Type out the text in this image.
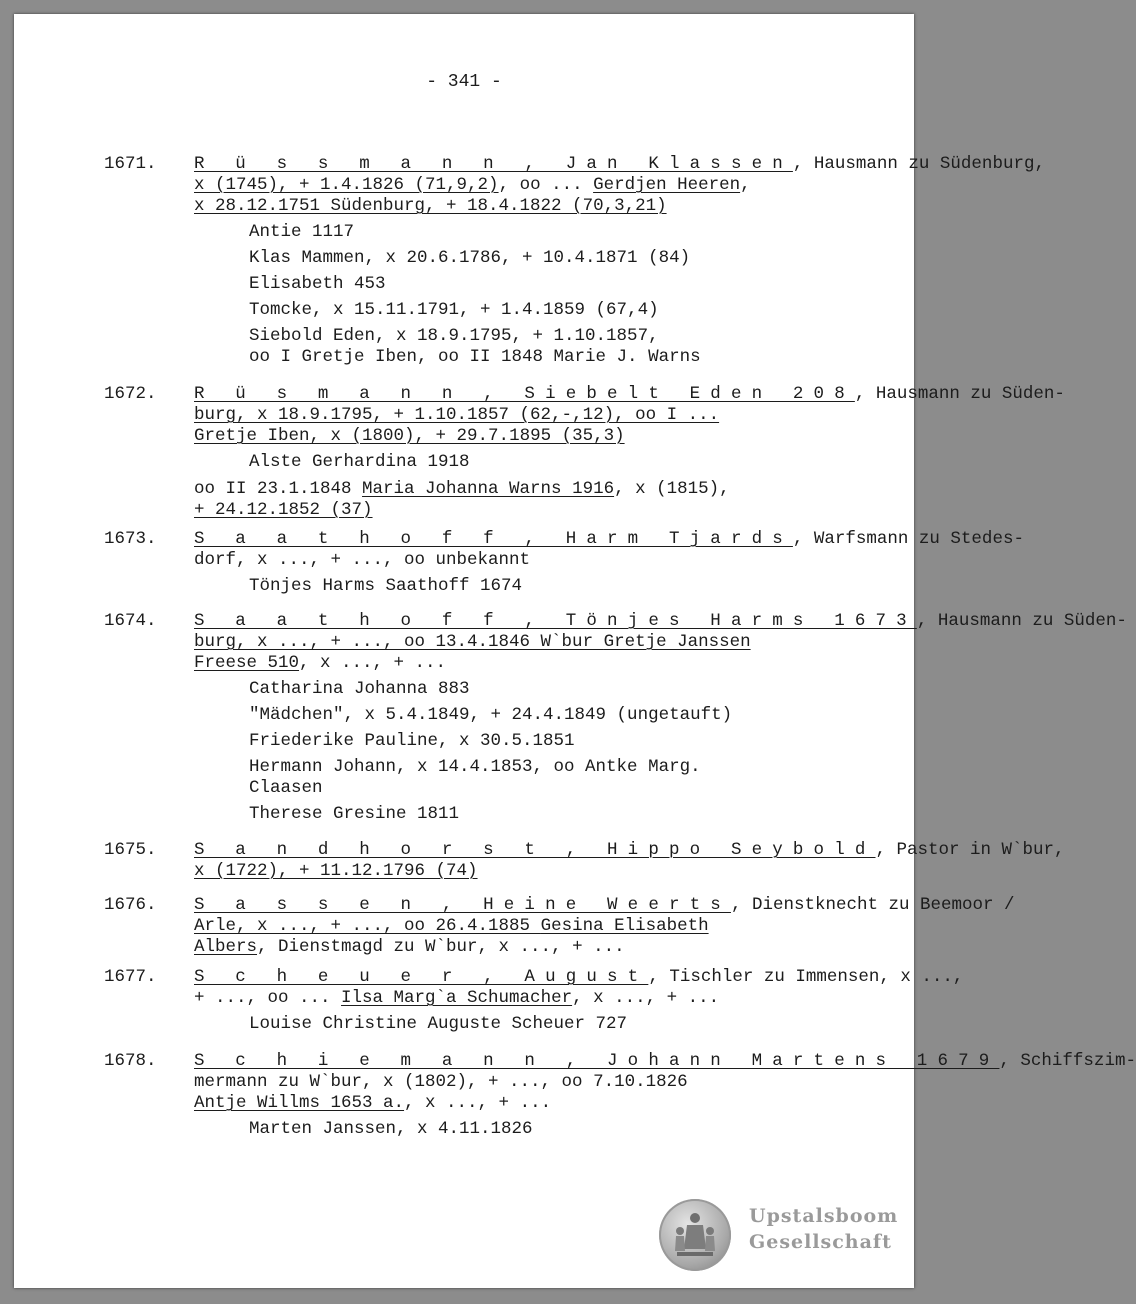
- 341 -
1671. R ü s s m a n n , Jan Klassen, Hausmann zu Südenburg,
x (1745), + 1.4.1826 (71,9,2), oo ... Gerdjen Heeren,
x 28.12.1751 Südenburg, + 18.4.1822 (70,3,21)
Antie 1117
Klas Mammen, x 20.6.1786, + 10.4.1871 (84)
Elisabeth 453
Tomcke, x 15.11.1791, + 1.4.1859 (67,4)
Siebold Eden, x 18.9.1795, + 1.10.1857,
oo I Gretje Iben, oo II 1848 Marie J. Warns
1672. R ü s m a n n , Siebelt Eden 208, Hausmann zu Süden-
burg, x 18.9.1795, + 1.10.1857 (62,-,12), oo I ...
Gretje Iben, x (1800), + 29.7.1895 (35,3)
Alste Gerhardina 1918
oo II 23.1.1848 Maria Johanna Warns 1916, x (1815),
+ 24.12.1852 (37)
1673. S a a t h o f f , Harm Tjards, Warfsmann zu Stedes-
dorf, x ..., + ..., oo unbekannt
Tönjes Harms Saathoff 1674
1674. S a a t h o f f , Tönjes Harms 1673, Hausmann zu Süden-
burg, x ..., + ..., oo 13.4.1846 W`bur Gretje Janssen
Freese 510, x ..., + ...
Catharina Johanna 883
"Mädchen", x 5.4.1849, + 24.4.1849 (ungetauft)
Friederike Pauline, x 30.5.1851
Hermann Johann, x 14.4.1853, oo Antke Marg.
Claasen
Therese Gresine 1811
1675. S a n d h o r s t , Hippo Seybold, Pastor in W`bur,
x (1722), + 11.12.1796 (74)
1676. S a s s e n , Heine Weerts, Dienstknecht zu Beemoor /
Arle, x ..., + ..., oo 26.4.1885 Gesina Elisabeth
Albers, Dienstmagd zu W`bur, x ..., + ...
1677. S c h e u e r , August, Tischler zu Immensen, x ...,
+ ..., oo ... Ilsa Marg`a Schumacher, x ..., + ...
Louise Christine Auguste Scheuer 727
1678. S c h i e m a n n , Johann Martens 1679, Schiffszim-
mermann zu W`bur, x (1802), + ..., oo 7.10.1826
Antje Willms 1653 a., x ..., + ...
Marten Janssen, x 4.11.1826
Upstalsboom
Gesellschaft
